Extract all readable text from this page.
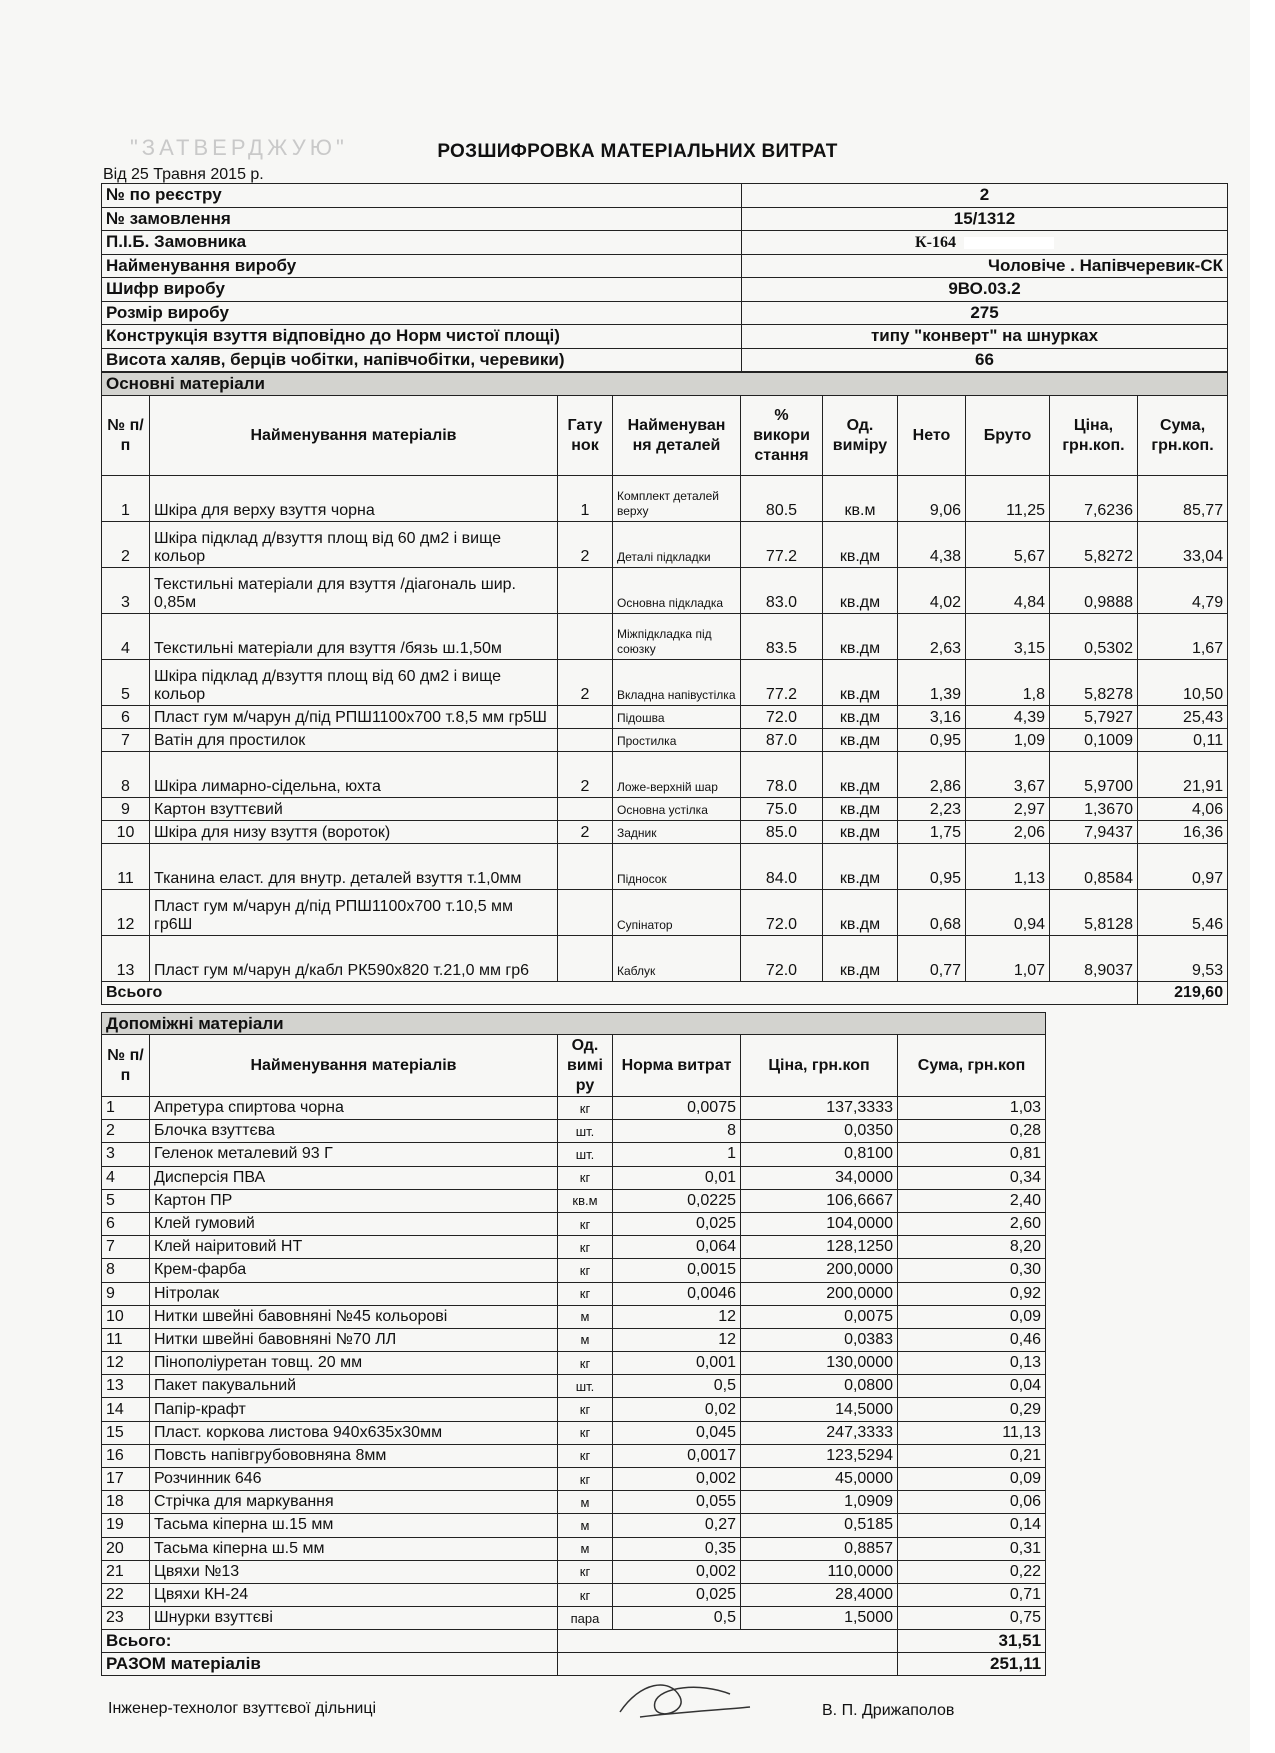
"ЗАТВЕРДЖУЮ"	РОЗШИФРОВКА МАТЕРІАЛЬНИХ ВИТРАТ
Від 25 Травня 2015 р.
№ по реєстру	2
№ замовлення	15/1312
П.І.Б. Замовника	К-164
Найменування виробу	Чоловіче . Напівчеревик-СК
Шифр виробу	9ВО.03.2
Розмір виробу	275
Конструкція взуття відповідно до Норм чистої площі)	типу "конверт" на шнурках
Висота халяв, берців чобітки, напівчобітки, черевики)	66
Основні матеріали									
№ п/п	Найменування матеріалів	Гату нок	Найменуван ня деталей	% викори стання	Од. виміру	Нето	Бруто	Ціна, грн.коп.	Сума, грн.коп.
1	Шкіра для верху взуття чорна	1	Комплект деталей верху	80.5	кв.м	9,06	11,25	7,6236	85,77
2	Шкіра підклад д/взуття площ від 60 дм2 і вище кольор	2	Деталі підкладки	77.2	кв.дм	4,38	5,67	5,8272	33,04
3	Текстильні матеріали для взуття /діагональ шир. 0,85м		Основна підкладка	83.0	кв.дм	4,02	4,84	0,9888	4,79
4	Текстильні матеріали для взуття /бязь ш.1,50м		Міжпідкладка під союзку	83.5	кв.дм	2,63	3,15	0,5302	1,67
5	Шкіра підклад д/взуття площ від 60 дм2 і вище кольор	2	Вкладна напівустілка	77.2	кв.дм	1,39	1,8	5,8278	10,50
6	Пласт гум м/чарун д/під РПШ1100х700 т.8,5 мм гр5Ш		Підошва	72.0	кв.дм	3,16	4,39	5,7927	25,43
7	Ватін для простилок		Простилка	87.0	кв.дм	0,95	1,09	0,1009	0,11
8	Шкіра лимарно-сідельна, юхта	2	Ложе-верхній шар	78.0	кв.дм	2,86	3,67	5,9700	21,91
9	Картон взуттєвий		Основна устілка	75.0	кв.дм	2,23	2,97	1,3670	4,06
10	Шкіра для низу взуття (вороток)	2	Задник	85.0	кв.дм	1,75	2,06	7,9437	16,36
11	Тканина еласт. для внутр. деталей взуття т.1,0мм		Підносок	84.0	кв.дм	0,95	1,13	0,8584	0,97
12	Пласт гум м/чарун д/під РПШ1100х700 т.10,5 мм гр6Ш		Супінатор	72.0	кв.дм	0,68	0,94	5,8128	5,46
13	Пласт гум м/чарун д/кабл РК590х820 т.21,0 мм гр6		Каблук	72.0	кв.дм	0,77	1,07	8,9037	9,53
Всього									219,60
Допоміжні матеріали					
№ п/п	Найменування матеріалів	Од. вимі ру	Норма витрат	Ціна, грн.коп	Сума, грн.коп
1	Апретура спиртова чорна	кг	0,0075	137,3333	1,03
2	Блочка взуттєва	шт.	8	0,0350	0,28
3	Геленок металевий 93 Г	шт.	1	0,8100	0,81
4	Дисперсія ПВА	кг	0,01	34,0000	0,34
5	Картон ПР	кв.м	0,0225	106,6667	2,40
6	Клей гумовий	кг	0,025	104,0000	2,60
7	Клей наіритовий НТ	кг	0,064	128,1250	8,20
8	Крем-фарба	кг	0,0015	200,0000	0,30
9	Нітролак	кг	0,0046	200,0000	0,92
10	Нитки швейні бавовняні №45 кольорові	м	12	0,0075	0,09
11	Нитки швейні бавовняні №70 ЛЛ	м	12	0,0383	0,46
12	Пінополіуретан товщ. 20 мм	кг	0,001	130,0000	0,13
13	Пакет пакувальний	шт.	0,5	0,0800	0,04
14	Папір-крафт	кг	0,02	14,5000	0,29
15	Пласт. коркова листова 940х635х30мм	кг	0,045	247,3333	11,13
16	Повсть напівгрубововняна 8мм	кг	0,0017	123,5294	0,21
17	Розчинник 646	кг	0,002	45,0000	0,09
18	Стрічка для маркування	м	0,055	1,0909	0,06
19	Тасьма кіперна ш.15 мм	м	0,27	0,5185	0,14
20	Тасьма кіперна ш.5 мм	м	0,35	0,8857	0,31
21	Цвяхи №13	кг	0,002	110,0000	0,22
22	Цвяхи КН-24	кг	0,025	28,4000	0,71
23	Шнурки взуттєві	пара	0,5	1,5000	0,75
Всього:					31,51
РАЗОМ матеріалів					251,11
Інженер-технолог взуттєвої дільниці	В. П. Дрижаполов
